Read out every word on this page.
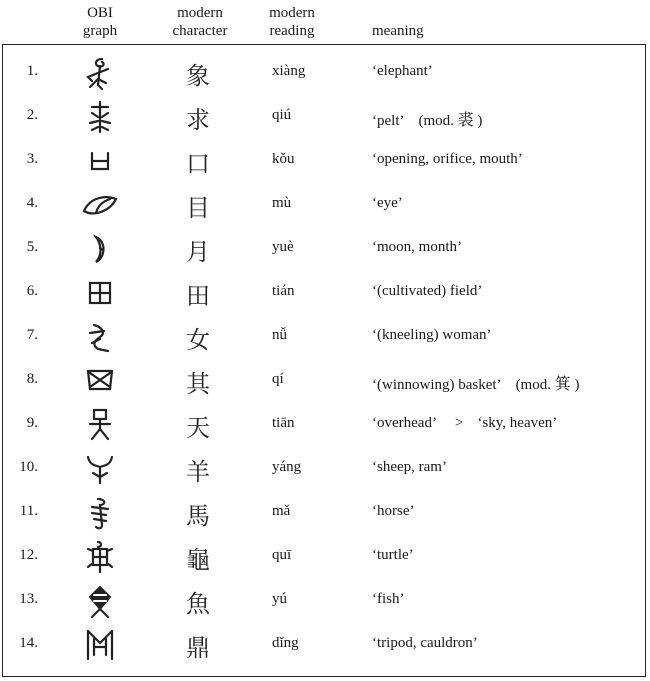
OBI
graph
modern
character
modern
reading	meaning
1.	象	xiàng	‘elephant’
2.	求	qiú	‘pelt’ (mod. 裘 )
3.	口	kǒu	‘opening, orifice, mouth’
4.	目	mù	‘eye’
5.	月	yuè	‘moon, month’
6.	田	tián	‘(cultivated) field’
7.	女	nǚ	‘(kneeling) woman’
8.	其	qí	‘(winnowing) basket’ (mod. 箕 )
9.	天	tiān	‘overhead’ > ‘sky, heaven’
10.	羊	yáng	‘sheep, ram’
11.	馬	mǎ	‘horse’
12.	龜	quī	‘turtle’
13.	魚	yú	‘fish’
14.	鼎	dǐng	‘tripod, cauldron’
